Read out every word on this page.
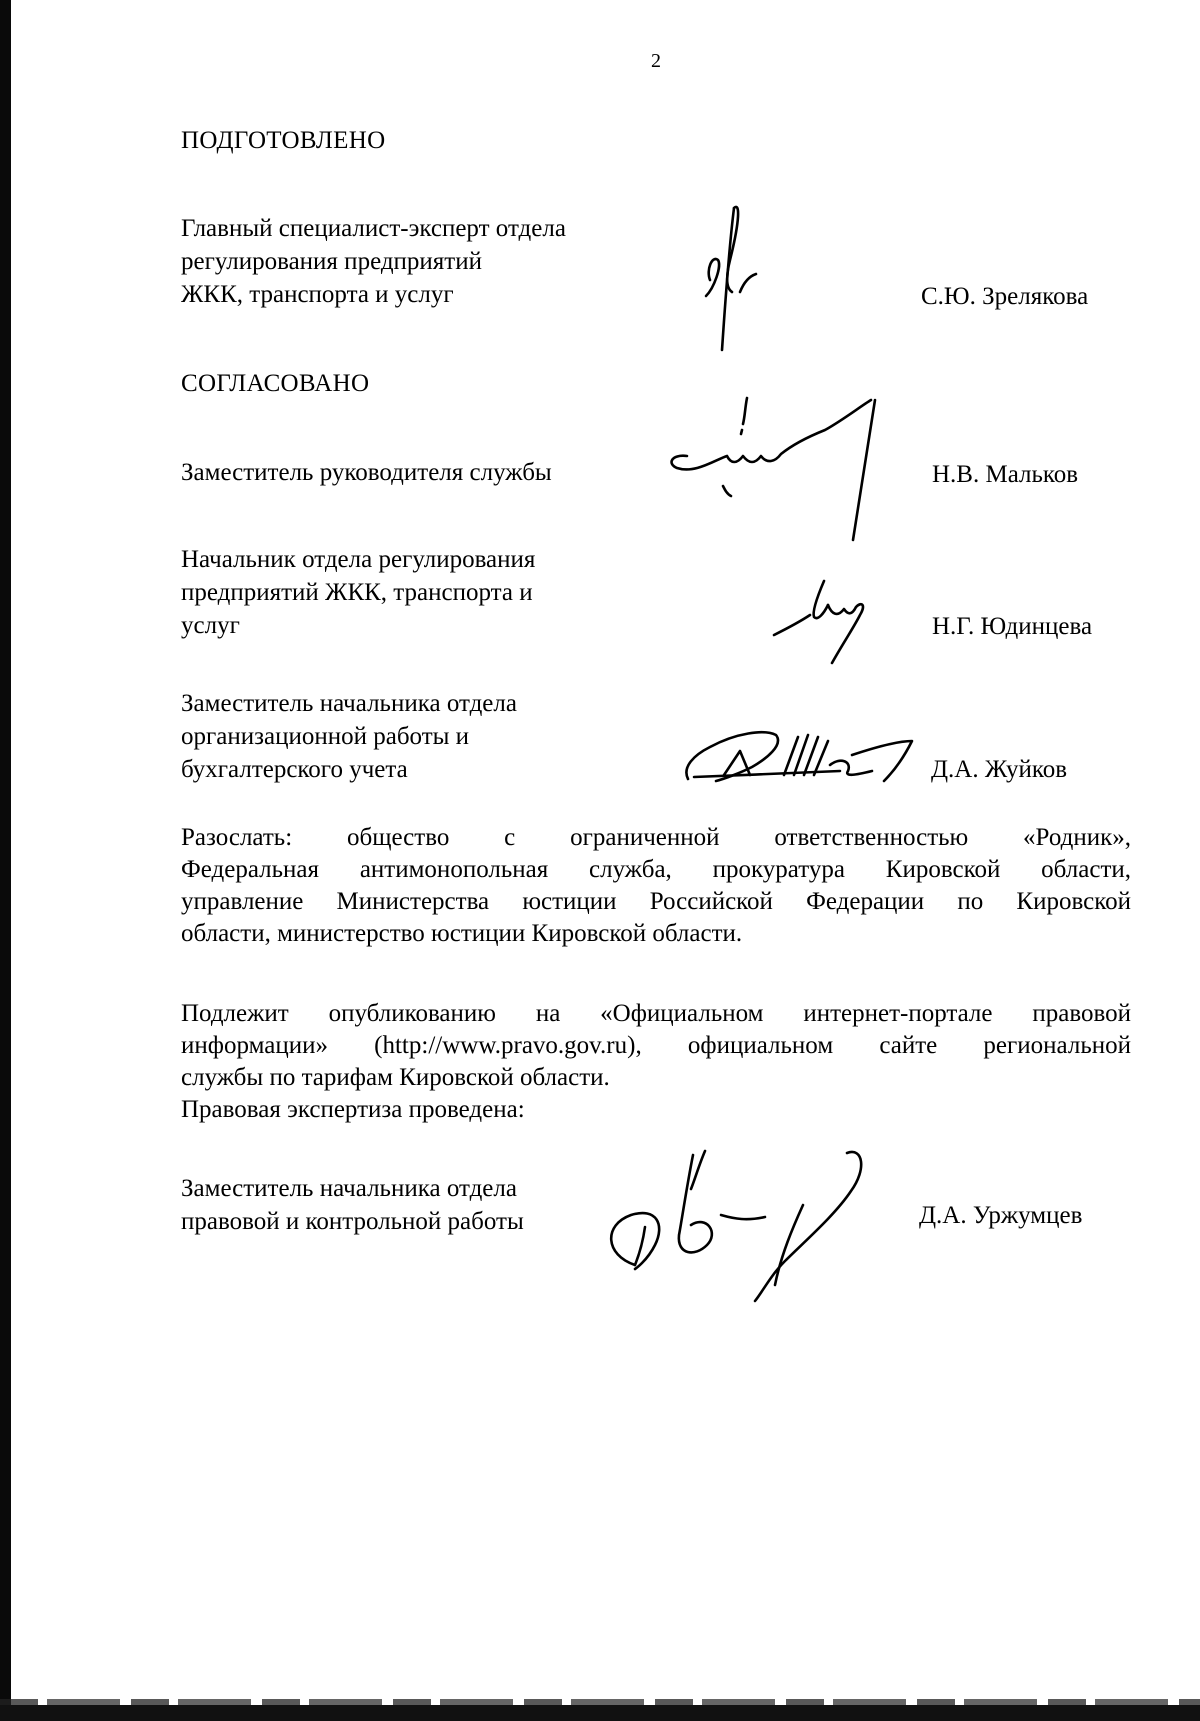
2
ПОДГОТОВЛЕНО
Главный специалист-эксперт отдела
регулирования предприятий
ЖКК, транспорта и услуг	С.Ю. Зрелякова
СОГЛАСОВАНО
Заместитель руководителя службы	Н.В. Мальков
Начальник отдела регулирования
предприятий ЖКК, транспорта и
услуг	Н.Г. Юдинцева
Заместитель начальника отдела
организационной работы и
бухгалтерского учета	Д.А. Жуйков
Разослать: общество с ограниченной ответственностью «Родник»,
Федеральная антимонопольная служба, прокуратура Кировской области,
управление Министерства юстиции Российской Федерации по Кировской
области, министерство юстиции Кировской области.
Подлежит опубликованию на «Официальном интернет-портале правовой
информации» (http://www.pravo.gov.ru), официальном сайте региональной
службы по тарифам Кировской области.
Правовая экспертиза проведена:
Заместитель начальника отдела
правовой и контрольной работы	Д.А. Уржумцев
